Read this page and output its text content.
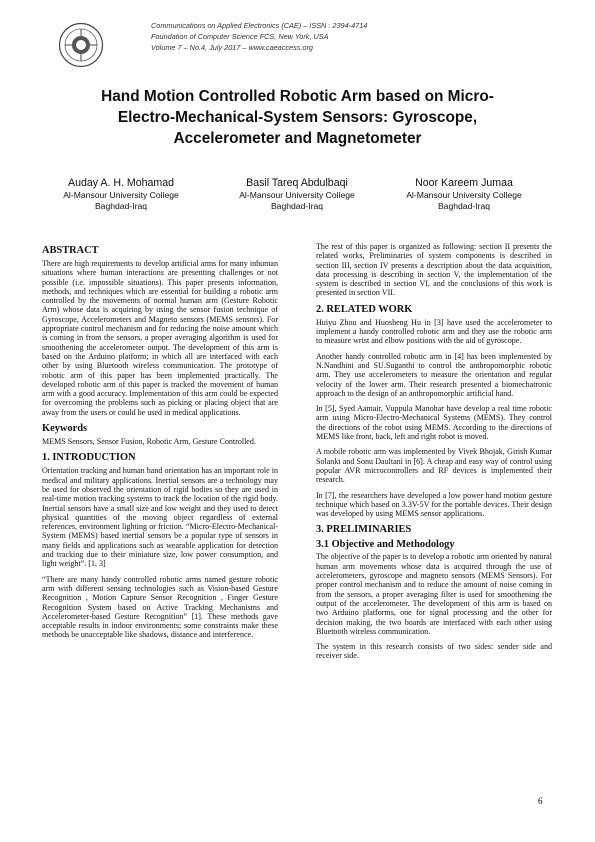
Communications on Applied Electronics (CAE) – ISSN : 2394-4714
Foundation of Computer Science FCS, New York, USA
Volume 7 – No.4, July 2017 – www.caeaccess.org
Hand Motion Controlled Robotic Arm based on Micro-
Electro-Mechanical-System Sensors: Gyroscope,
Accelerometer and Magnetometer
Auday A. H. Mohamad
Al-Mansour University College
Baghdad-Iraq
Basil Tareq Abdulbaqi
Al-Mansour University College
Baghdad-Iraq
Noor Kareem Jumaa
Al-Mansour University College
Baghdad-Iraq
ABSTRACT

There are high requirements to develop artificial arms for many inhuman situations where human interactions are presenting challenges or not possible (i.e. impossible situations). This paper presents information, methods, and techniques which are essential for building a robotic arm controlled by the movements of normal human arm (Gesture Robotic Arm) whose data is acquiring by using the sensor fusion technique of Gyroscope, Accelerometers and Magneto sensors (MEMS sensors). For appropriate control mechanism and for reducing the noise amount which is coming in from the sensors, a proper averaging algorithm is used for smoothening the accelerometer output. The development of this arm is based on the Arduino platform; in which all are interfaced with each other by using Bluetooth wireless communication. The prototype of robotic arm of this paper has been implemented practically. The developed robotic arm of this paper is tracked the movement of human arm with a good accuracy. Implementation of this arm could be expected for overcoming the problems such as picking or placing object that are away from the users or could be used in medical applications.

Keywords

MEMS Sensors, Sensor Fusion, Robotic Arm, Gesture Controlled.

1. INTRODUCTION

Orientation tracking and human hand orientation has an important role in medical and military applications. Inertial sensors are a technology may be used for observed the orientation of rigid bodies so they are used in real-time motion tracking systems to track the location of the rigid body. Inertial sensors have a small size and low weight and they used to detect physical quantities of the moving object regardless of external references, environment lighting or friction. “Micro-Electro-Mechanical-System (MEMS) based inertial sensors be a popular type of sensors in many fields and applications such as wearable application for detection and tracking due to their miniature size, low power consumption, and light weight”. [1, 3]

“There are many handy controlled robotic arms named gesture robotic arm with different sensing technologies such as Vision-based Gesture Recognition , Motion Capture Sensor Recognition , Finger Gesture Recognition System based on Active Tracking Mechanisms and Accelerometer-based Gesture Recognition” [1]. These methods gave acceptable results in indoor environments; some constraints make these methods be unacceptable like shadows, distance and interference.

The rest of this paper is organized as following: section II presents the related works, Preliminaries of system components is described in section III, section IV presents a description about the data acquisition, data processing is describing in section V, the implementation of the system is described in section VI, and the conclusions of this work is presented in section VII.

2. RELATED WORK

Huiyu Zhou and Huosheng Hu in [3] have used the accelerometer to implement a handy controlled robotic arm and they use the robotic arm to measure wrist and elbow positions with the aid of gyroscope.

Another handy controlled robotic arm in [4] has been implemented by N.Nandhini and SU.Suganthi to control the anthropomorphic robotic arm. They use accelerometers to measure the orientation and regular velocity of the lower arm. Their research presented a biomechatronic approach to the design of an anthropomorphic artificial hand.

In [5], Syed Aamair, Vuppula Manohar have develop a real time robotic arm using Micro-Electro-Mechanical Systems (MEMS). They control the directions of the robot using MEMS. According to the directions of MEMS like front, back, left and right robot is moved.

A mobile robotic arm was implemented by Vivek Bhojak, Girish Kumar Solanki and Sonu Daultani in [6]. A cheap and easy way of control using popular AVR microcontrollers and RF devices is implemented their research.

In [7], the researchers have developed a low power hand motion gesture technique which based on 3.3V-5V for the portable devices. Their design was developed by using MEMS sensor applications.

3. PRELIMINARIES
3.1 Objective and Methodology

The objective of the paper is to develop a robotic arm oriented by natural human arm movements whose data is acquired through the use of accelerometers, gyroscope and magneto sensors (MEMS Sensors). For proper control mechanism and to reduce the amount of noise coming in from the sensors, a proper averaging filter is used for smoothening the output of the accelerometer. The development of this arm is based on two Arduino platforms, one for signal processing and the other for decision making, the two boards are interfaced with each other using Bluetooth wireless communication.

The system in this research consists of two sides: sender side and receiver side.

6
